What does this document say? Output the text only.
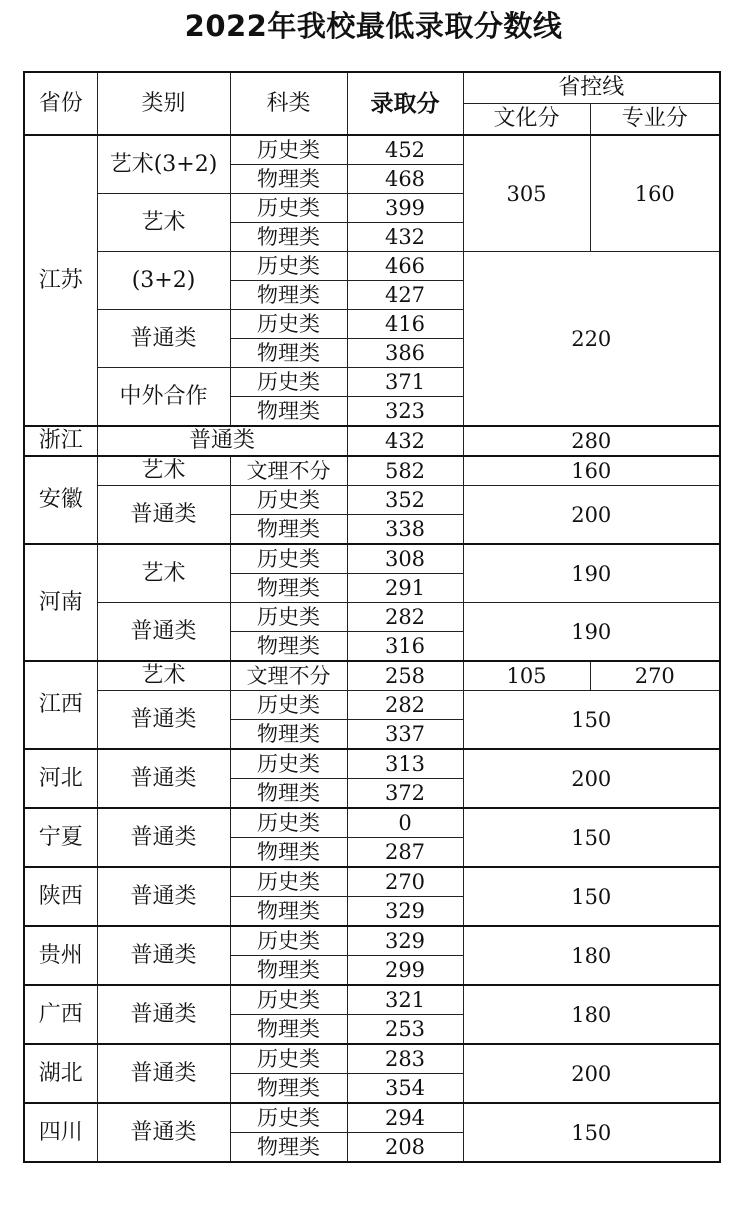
2022年我校最低录取分数线
省份	类别	科类	录取分	省控线	
				文化分	专业分
江苏	艺术(3+2)	历史类	452	305	160
		物理类	468		
	艺术	历史类	399		
		物理类	432		
	(3+2)	历史类	466	220	
		物理类	427		
	普通类	历史类	416		
		物理类	386		
	中外合作	历史类	371		
		物理类	323		
浙江	普通类		432	280	
安徽	艺术	文理不分	582	160	
	普通类	历史类	352	200	
		物理类	338		
河南	艺术	历史类	308	190	
		物理类	291		
	普通类	历史类	282	190	
		物理类	316		
江西	艺术	文理不分	258	105	270
	普通类	历史类	282	150	
		物理类	337		
河北	普通类	历史类	313	200	
		物理类	372		
宁夏	普通类	历史类	0	150	
		物理类	287		
陕西	普通类	历史类	270	150	
		物理类	329		
贵州	普通类	历史类	329	180	
		物理类	299		
广西	普通类	历史类	321	180	
		物理类	253		
湖北	普通类	历史类	283	200	
		物理类	354		
四川	普通类	历史类	294	150	
		物理类	208		
